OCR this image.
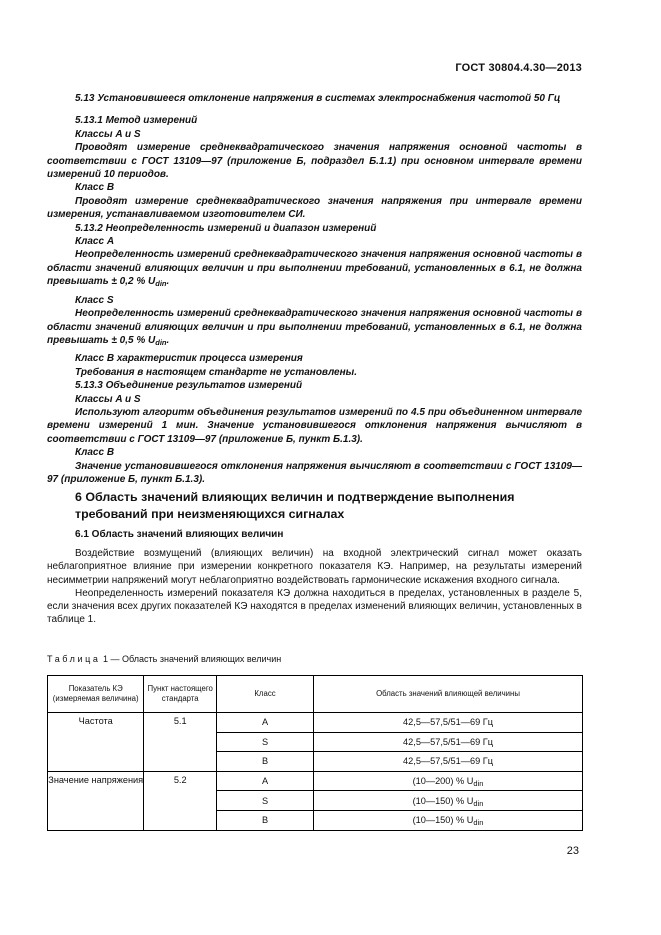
ГОСТ 30804.4.30—2013

5.13 Установившееся отклонение напряжения в системах электроснабжения частотой 50 Гц

5.13.1 Метод измерений

Классы A и S

Проводят измерение среднеквадратического значения напряжения основной частоты в соответствии с ГОСТ 13109—97 (приложение Б, подраздел Б.1.1) при основном интервале времени измерений 10 периодов.

Класс B

Проводят измерение среднеквадратического значения напряжения при интервале времени измерения, устанавливаемом изготовителем СИ.

5.13.2 Неопределенность измерений и диапазон измерений

Класс A

Неопределенность измерений среднеквадратического значения напряжения основной частоты в области значений влияющих величин и при выполнении требований, установленных в 6.1, не должна превышать ± 0,2 % $U_{din}$.

Класс S

Неопределенность измерений среднеквадратического значения напряжения основной частоты в области значений влияющих величин и при выполнении требований, установленных в 6.1, не должна превышать ± 0,5 % $U_{din}$.

Класс B характеристик процесса измерения

Требования в настоящем стандарте не установлены.

5.13.3 Объединение результатов измерений

Классы A и S

Используют алгоритм объединения результатов измерений по 4.5 при объединенном интервале времени измерений 1 мин. Значение установившегося отклонения напряжения вычисляют в соответствии с ГОСТ 13109—97 (приложение Б, пункт Б.1.3).

Класс B

Значение установившегося отклонения напряжения вычисляют в соответствии с ГОСТ 13109—97 (приложение Б, пункт Б.1.3).

6 Область значений влияющих величин и подтверждение выполнения требований при неизменяющихся сигналах
6.1 Область значений влияющих величин

Воздействие возмущений (влияющих величин) на входной электрический сигнал может оказать неблагоприятное влияние при измерении конкретного показателя КЭ. Например, на результаты измерений несимметрии напряжений могут неблагоприятно воздействовать гармонические искажения входного сигнала.

Неопределенность измерений показателя КЭ должна находиться в пределах, установленных в разделе 5, если значения всех других показателей КЭ находятся в пределах изменений влияющих величин, установленных в таблице 1.

Таблица 1 — Область значений влияющих величин
Показатель КЭ (измеряемая величина)	Пункт настоящего стандарта	Класс	Область значений влияющей величины
Частота	5.1	A	42,5—57,5/51—69 Гц
		S	42,5—57,5/51—69 Гц
		B	42,5—57,5/51—69 Гц
Значение напряжения	5.2	A	(10—200) % $U_{din}$
		S	(10—150) % $U_{din}$
		B	(10—150) % $U_{din}$
23
